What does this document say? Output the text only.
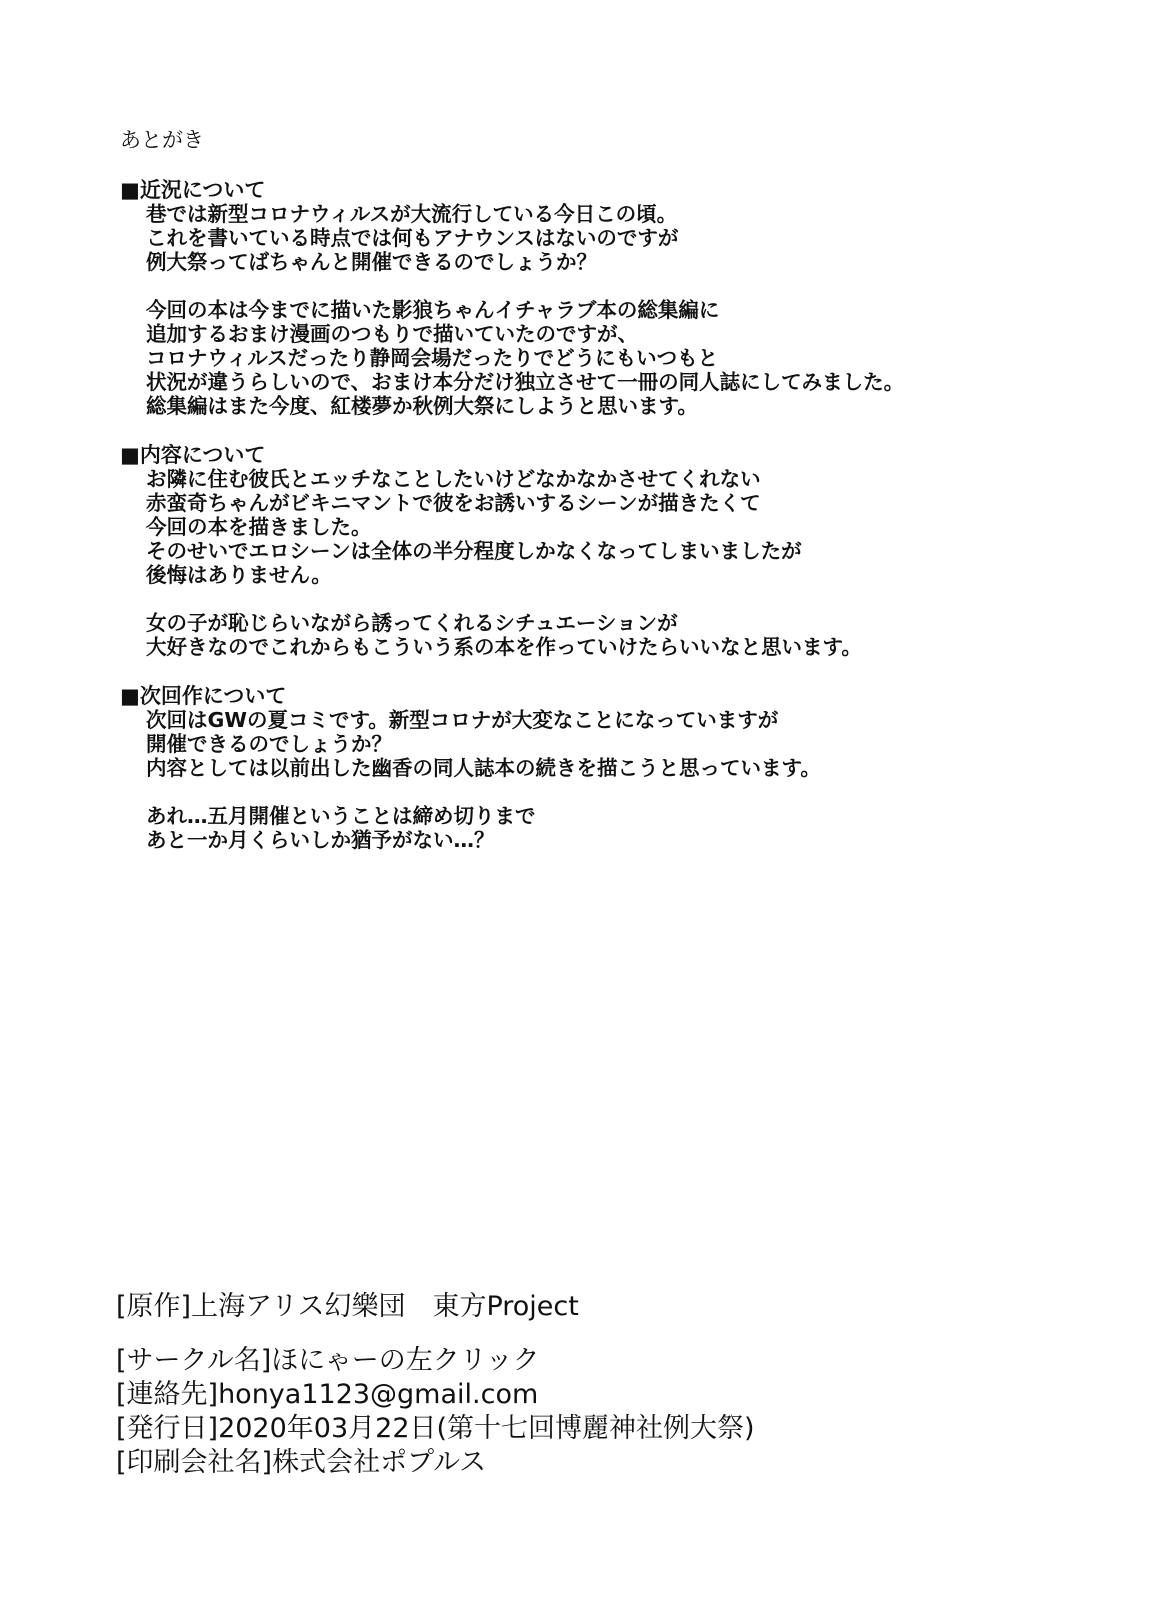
あとがき
■近況について
巷では新型コロナウィルスが大流行している今日この頃。
これを書いている時点では何もアナウンスはないのですが
例大祭ってばちゃんと開催できるのでしょうか？
今回の本は今までに描いた影狼ちゃんイチャラブ本の総集編に
追加するおまけ漫画のつもりで描いていたのですが、
コロナウィルスだったり静岡会場だったりでどうにもいつもと
状況が違うらしいので、おまけ本分だけ独立させて一冊の同人誌にしてみました。
総集編はまた今度、紅楼夢か秋例大祭にしようと思います。
■内容について
お隣に住む彼氏とエッチなことしたいけどなかなかさせてくれない
赤蛮奇ちゃんがビキニマントで彼をお誘いするシーンが描きたくて
今回の本を描きました。
そのせいでエロシーンは全体の半分程度しかなくなってしまいましたが
後悔はありません。
女の子が恥じらいながら誘ってくれるシチュエーションが
大好きなのでこれからもこういう系の本を作っていけたらいいなと思います。
■次回作について
次回はGWの夏コミです。新型コロナが大変なことになっていますが
開催できるのでしょうか？
内容としては以前出した幽香の同人誌本の続きを描こうと思っています。
あれ…五月開催ということは締め切りまで
あと一か月くらいしか猶予がない…？
[原作]上海アリス幻樂団　東方Project
[サークル名]ほにゃーの左クリック
[連絡先]honya1123@gmail.com
[発行日]2020年03月22日(第十七回博麗神社例大祭)
[印刷会社名]株式会社ポプルス
